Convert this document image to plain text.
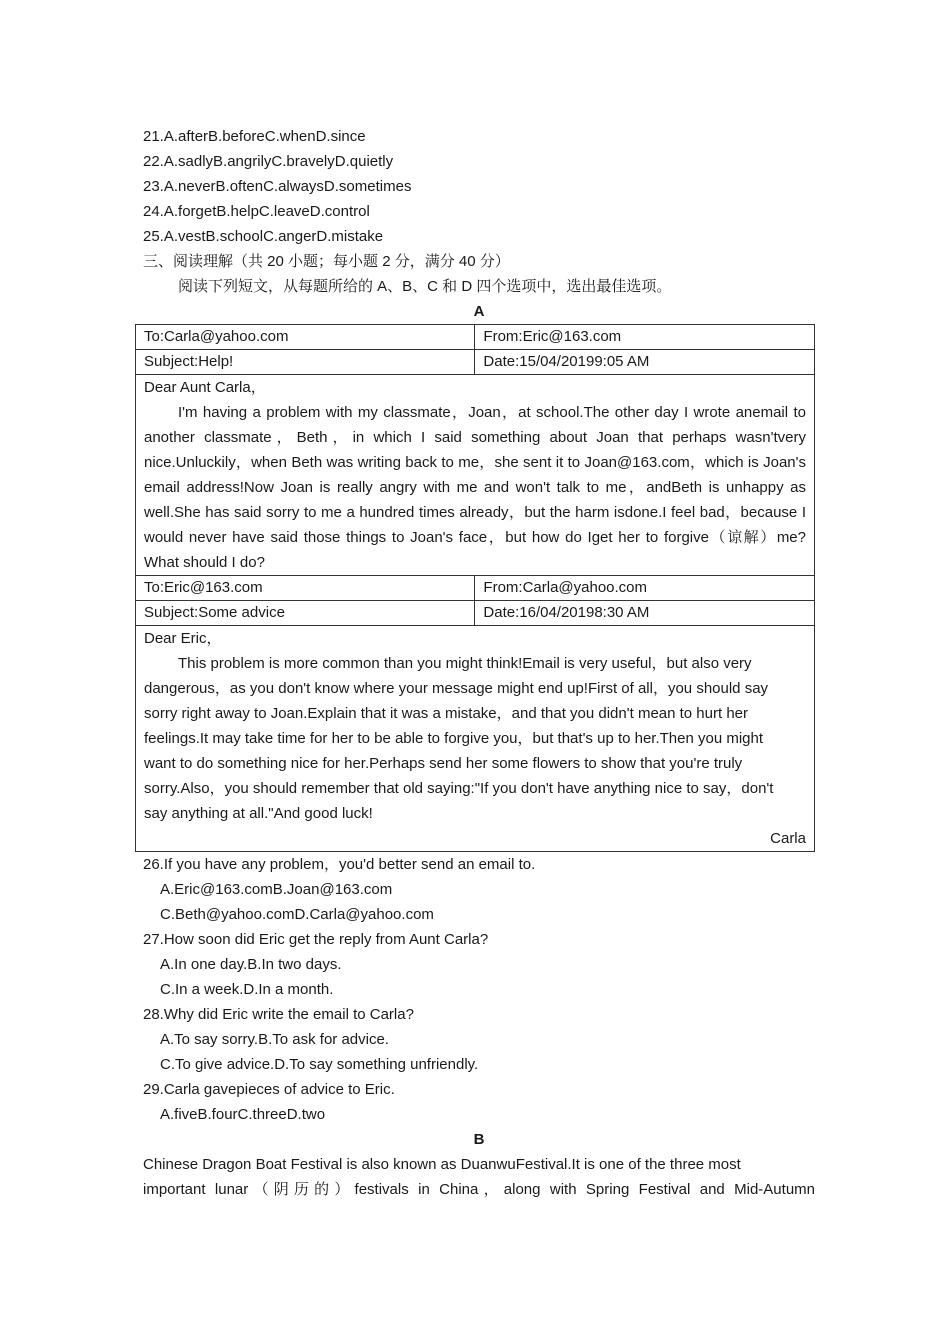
21.A.afterB.beforeC.whenD.since
22.A.sadlyB.angrilyC.bravelyD.quietly
23.A.neverB.oftenC.alwaysD.sometimes
24.A.forgetB.helpC.leaveD.control
25.A.vestB.schoolC.angerD.mistake
三、阅读理解（共 20 小题；每小题 2 分，满分 40 分）
阅读下列短文，从每题所给的 A、B、C 和 D 四个选项中，选出最佳选项。
A
To:Carla@yahoo.com	From:Eric@163.com
Subject:Help!	Date:15/04/20199:05 AM

Dear Aunt Carla，
I'm having a problem with my classmate，Joan，at school.The other day I wrote anemail to another classmate，Beth，in which I said something about Joan that perhaps wasn'tvery nice.Unluckily，when Beth was writing back to me，she sent it to Joan@163.com，which is Joan's email address!Now Joan is really angry with me and won't talk to me，andBeth is unhappy as well.She has said sorry to me a hundred times already，but the harm isdone.I feel bad，because I would never have said those things to Joan's face，but how do Iget her to forgive（谅解）me?What should I do?	

To:Eric@163.com	From:Carla@yahoo.com
Subject:Some advice	Date:16/04/20198:30 AM

Dear Eric，
This problem is more common than you might think!Email is very useful，but also very dangerous，as you don't know where your message might end up!First of all，you should say sorry right away to Joan.Explain that it was a mistake，and that you didn't mean to hurt her feelings.It may take time for her to be able to forgive you，but that's up to her.Then you might want to do something nice for her.Perhaps send her some flowers to show that you're truly sorry.Also，you should remember that old saying:"If you don't have anything nice to say，don't say anything at all."And good luck!
Carla	
26.If you have any problem，you'd better send an email to.
A.Eric@163.comB.Joan@163.com
C.Beth@yahoo.comD.Carla@yahoo.com
27.How soon did Eric get the reply from Aunt Carla?
A.In one day.B.In two days.
C.In a week.D.In a month.
28.Why did Eric write the email to Carla?
A.To say sorry.B.To ask for advice.
C.To give advice.D.To say something unfriendly.
29.Carla gavepieces of advice to Eric.
A.fiveB.fourC.threeD.two
B
Chinese Dragon Boat Festival is also known as DuanwuFestival.It is one of the three most
important lunar（阴历的）festivals in China，along with Spring Festival and Mid-Autumn
